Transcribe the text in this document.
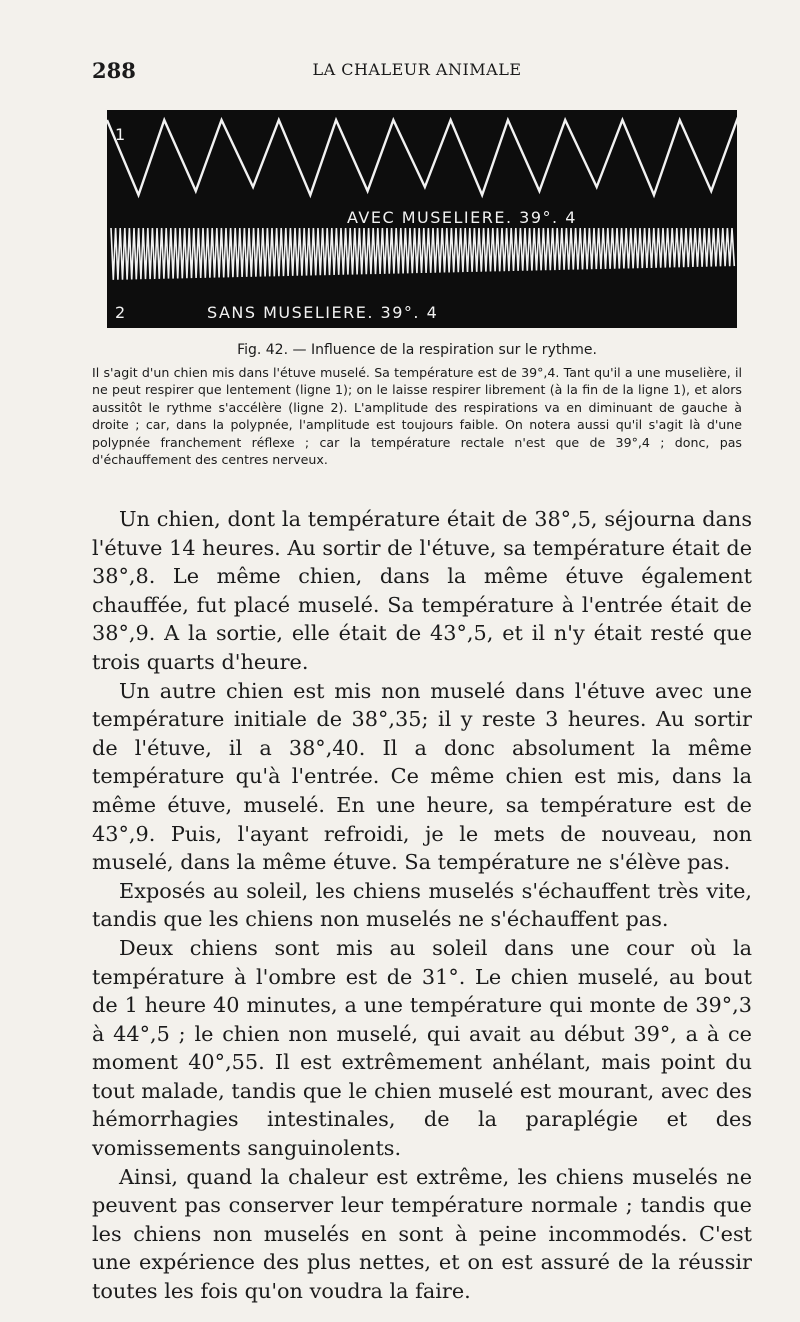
288	LA CHALEUR ANIMALE
1
AVEC MUSELIERE. 39°. 4
2	SANS MUSELIERE. 39°. 4
Fig. 42. — Influence de la respiration sur le rythme.

Il s'agit d'un chien mis dans l'étuve muselé. Sa température est de 39°,4. Tant qu'il a une muselière, il ne peut respirer que lentement (ligne 1); on le laisse respirer librement (à la fin de la ligne 1), et alors aussitôt le rythme s'accélère (ligne 2). L'amplitude des respirations va en diminuant de gauche à droite ; car, dans la polypnée, l'amplitude est toujours faible. On notera aussi qu'il s'agit là d'une polypnée franchement réflexe ; car la température rectale n'est que de 39°,4 ; donc, pas d'échauffement des centres nerveux.

Un chien, dont la température était de 38°,5, séjourna dans l'étuve 14 heures. Au sortir de l'étuve, sa température était de 38°,8. Le même chien, dans la même étuve également chauffée, fut placé muselé. Sa température à l'entrée était de 38°,9. A la sortie, elle était de 43°,5, et il n'y était resté que trois quarts d'heure.

Un autre chien est mis non muselé dans l'étuve avec une température initiale de 38°,35; il y reste 3 heures. Au sortir de l'étuve, il a 38°,40. Il a donc absolument la même température qu'à l'entrée. Ce même chien est mis, dans la même étuve, muselé. En une heure, sa température est de 43°,9. Puis, l'ayant refroidi, je le mets de nouveau, non muselé, dans la même étuve. Sa température ne s'élève pas.

Exposés au soleil, les chiens muselés s'échauffent très vite, tandis que les chiens non muselés ne s'échauffent pas.

Deux chiens sont mis au soleil dans une cour où la température à l'ombre est de 31°. Le chien muselé, au bout de 1 heure 40 minutes, a une température qui monte de 39°,3 à 44°,5 ; le chien non muselé, qui avait au début 39°, a à ce moment 40°,55. Il est extrêmement anhélant, mais point du tout malade, tandis que le chien muselé est mourant, avec des hémorrhagies intestinales, de la paraplégie et des vomissements sanguinolents.

Ainsi, quand la chaleur est extrême, les chiens muselés ne peuvent pas conserver leur température normale ; tandis que les chiens non muselés en sont à peine incommodés. C'est une expérience des plus nettes, et on est assuré de la réussir toutes les fois qu'on voudra la faire.
